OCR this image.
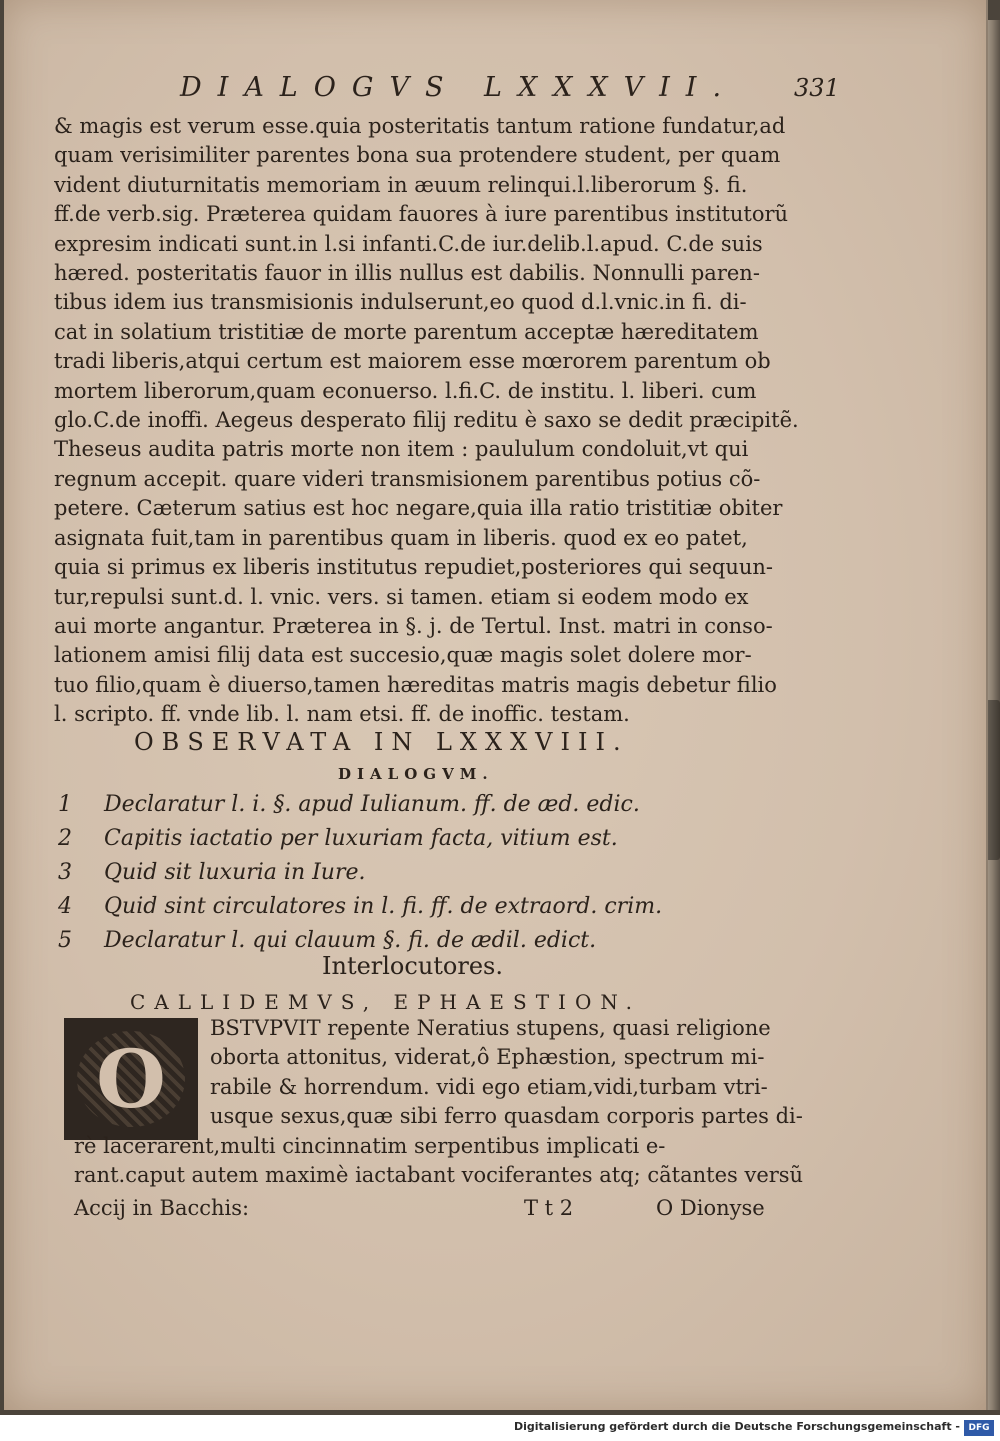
DIALOGVS LXXXVII. 331
& magis est verum esse.quia posteritatis tantum ratione fundatur,ad
quam verisimiliter parentes bona sua protendere student, per quam
vident diuturnitatis memoriam in æuum relinqui.l.liberorum §. fi.
ff.de verb.sig. Præterea quidam fauores à iure parentibus institutorũ
expresim indicati sunt.in l.si infanti.C.de iur.delib.l.apud. C.de suis
hæred. posteritatis fauor in illis nullus est dabilis. Nonnulli paren-
tibus idem ius transmisionis indulserunt,eo quod d.l.vnic.in fi. di-
cat in solatium tristitiæ de morte parentum acceptæ hæreditatem
tradi liberis,atqui certum est maiorem esse mœrorem parentum ob
mortem liberorum,quam econuerso. l.fi.C. de institu. l. liberi. cum
glo.C.de inoffi. Aegeus desperato filij reditu è saxo se dedit præcipitẽ.
Theseus audita patris morte non item : paululum condoluit,vt qui
regnum accepit. quare videri transmisionem parentibus potius cõ-
petere. Cæterum satius est hoc negare,quia illa ratio tristitiæ obiter
asignata fuit,tam in parentibus quam in liberis. quod ex eo patet,
quia si primus ex liberis institutus repudiet,posteriores qui sequun-
tur,repulsi sunt.d. l. vnic. vers. si tamen. etiam si eodem modo ex
aui morte angantur. Præterea in §. j. de Tertul. Inst. matri in conso-
lationem amisi filij data est succesio,quæ magis solet dolere mor-
tuo filio,quam è diuerso,tamen hæreditas matris magis debetur filio
l. scripto. ff. vnde lib. l. nam etsi. ff. de inoffic. testam.
OBSERVATA IN LXXXVIII.
DIALOGVM.
1 Declaratur l. i. §. apud Iulianum. ff. de æd. edic.
2 Capitis iactatio per luxuriam facta, vitium est.
3 Quid sit luxuria in Iure.
4 Quid sint circulatores in l. fi. ff. de extraord. crim.
5 Declaratur l. qui clauum §. fi. de ædil. edict.
Interlocutores.
CALLIDEMVS, EPHAESTION.
O
BSTVPVIT repente Neratius stupens, quasi religione
oborta attonitus, viderat,ô Ephæstion, spectrum mi-
rabile & horrendum. vidi ego etiam,vidi,turbam vtri-
usque sexus,quæ sibi ferro quasdam corporis partes di-
rè lacerarent,multi cincinnatim serpentibus implicati e-
rant.caput autem maximè iactabant vociferantes atq; cãtantes versũ
Accij in Bacchis:	T t 2	O Dionyse
Digitalisierung gefördert durch die Deutsche Forschungsgemeinschaft - DFG
